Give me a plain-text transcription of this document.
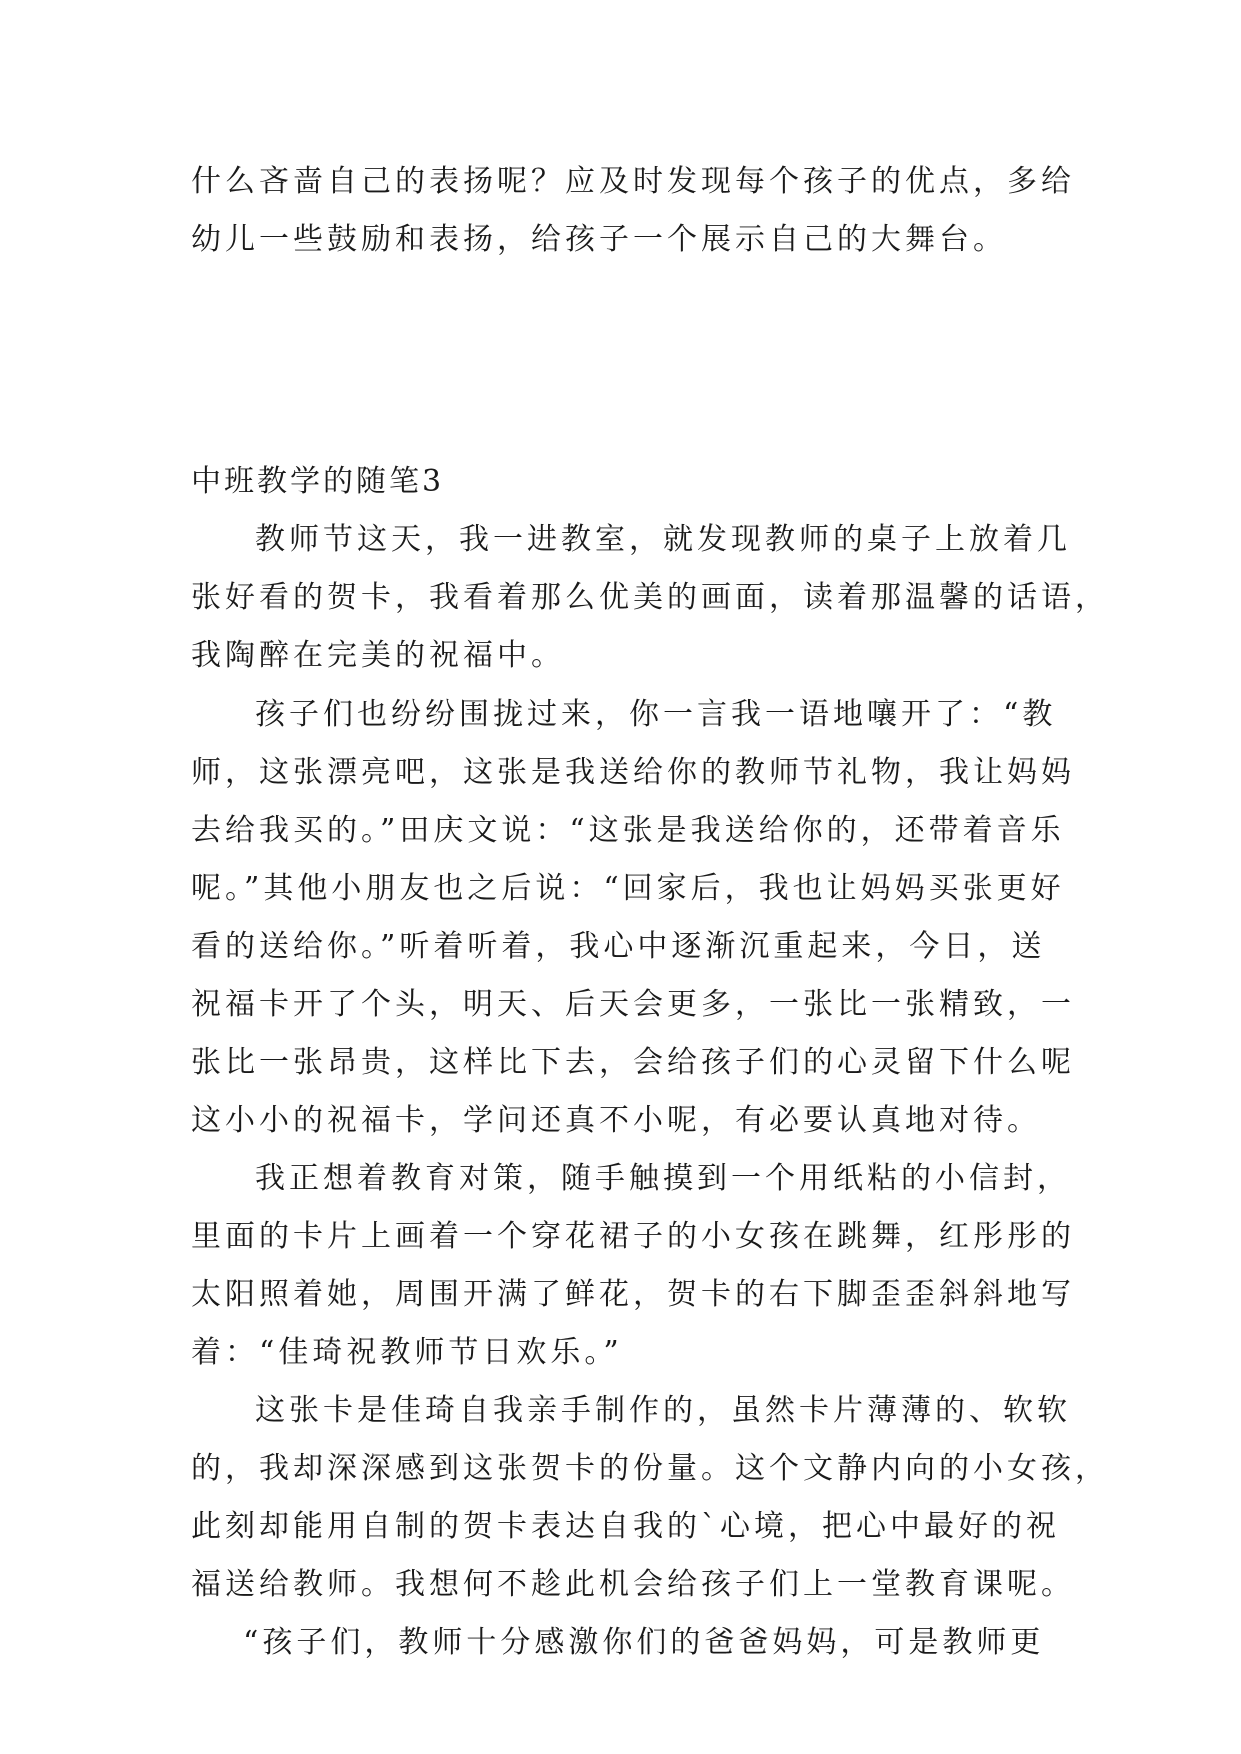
什么吝啬自己的表扬呢？应及时发现每个孩子的优点，多给
幼儿一些鼓励和表扬，给孩子一个展示自己的大舞台。
中班教学的随笔3
教师节这天，我一进教室，就发现教师的桌子上放着几
张好看的贺卡，我看着那么优美的画面，读着那温馨的话语，
我陶醉在完美的祝福中。
孩子们也纷纷围拢过来，你一言我一语地嚷开了：“教
师，这张漂亮吧，这张是我送给你的教师节礼物，我让妈妈
去给我买的。”田庆文说：“这张是我送给你的，还带着音乐
呢。”其他小朋友也之后说：“回家后，我也让妈妈买张更好
看的送给你。”听着听着，我心中逐渐沉重起来，今日，送
祝福卡开了个头，明天、后天会更多，一张比一张精致，一
张比一张昂贵，这样比下去，会给孩子们的心灵留下什么呢
这小小的祝福卡，学问还真不小呢，有必要认真地对待。
我正想着教育对策，随手触摸到一个用纸粘的小信封，
里面的卡片上画着一个穿花裙子的小女孩在跳舞，红彤彤的
太阳照着她，周围开满了鲜花，贺卡的右下脚歪歪斜斜地写
着：“佳琦祝教师节日欢乐。”
这张卡是佳琦自我亲手制作的，虽然卡片薄薄的、软软
的，我却深深感到这张贺卡的份量。这个文静内向的小女孩，
此刻却能用自制的贺卡表达自我的`心境，把心中最好的祝
福送给教师。我想何不趁此机会给孩子们上一堂教育课呢。
“孩子们，教师十分感激你们的爸爸妈妈，可是教师更
